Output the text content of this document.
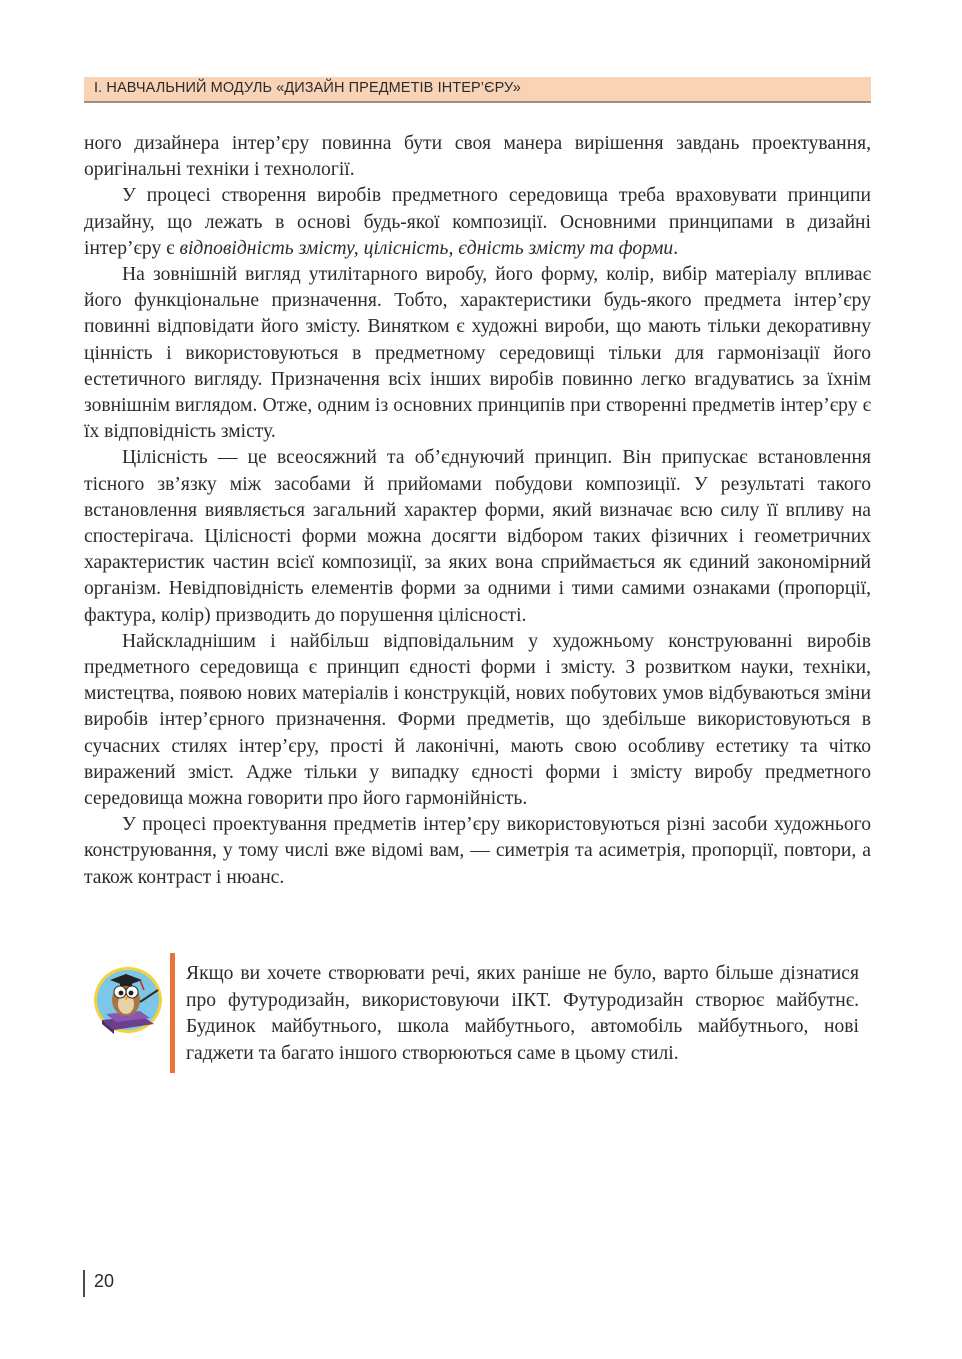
І. НАВЧАЛЬНИЙ МОДУЛЬ «ДИЗАЙН ПРЕДМЕТІВ ІНТЕР’ЄРУ»

ного дизайнера інтер’єру повинна бути своя манера вирішення завдань проектування, оригінальні техніки і технології.

У процесі створення виробів предметного середовища треба враховувати принципи дизайну, що лежать в основі будь-якої композиції. Основними принципами в дизайні інтер’єру є відповідність змісту, цілісність, єдність змісту та форми.

На зовнішній вигляд утилітарного виробу, його форму, колір, вибір матеріалу впливає його функціональне призначення. Тобто, характеристики будь-якого предмета інтер’єру повинні відповідати його змісту. Винятком є художні вироби, що мають тільки декоративну цінність і використовуються в предметному середовищі тільки для гармонізації його естетичного вигляду. Призначення всіх інших виробів повинно легко вгадуватись за їхнім зовнішнім виглядом. Отже, одним із основних принципів при створенні предметів інтер’єру є їх відповідність змісту.

Цілісність — це всеосяжний та об’єднуючий принцип. Він припускає встановлення тісного зв’язку між засобами й прийомами побудови композиції. У результаті такого встановлення виявляється загальний характер форми, який визначає всю силу її впливу на спостерігача. Цілісності форми можна досягти відбором таких фізичних і геометричних характеристик частин всієї композиції, за яких вона сприймається як єдиний закономірний організм. Невідповідність елементів форми за одними і тими самими ознаками (пропорції, фактура, колір) призводить до порушення цілісності.

Найскладнішим і найбільш відповідальним у художньому конструюванні виробів предметного середовища є принцип єдності форми і змісту. З розвитком науки, техніки, мистецтва, появою нових матеріалів і конструкцій, нових побутових умов відбуваються зміни виробів інтер’єрного призначення. Форми предметів, що здебільше використовуються в сучасних стилях інтер’єру, прості й лаконічні, мають свою особливу естетику та чітко виражений зміст. Адже тільки у випадку єдності форми і змісту виробу предметного середовища можна говорити про його гармонійність.

У процесі проектування предметів інтер’єру використовуються різні засоби художнього конструювання, у тому числі вже відомі вам, — симетрія та асиметрія, пропорції, повтори, а також контраст і нюанс.

Якщо ви хочете створювати речі, яких раніше не було, варто більше дізнатися про футуродизайн, використовуючи іІКТ. Футуродизайн створює майбутнє. Будинок майбутнього, школа майбутнього, автомобіль майбутнього, нові гаджети та багато іншого створюються саме в цьому стилі.
20
